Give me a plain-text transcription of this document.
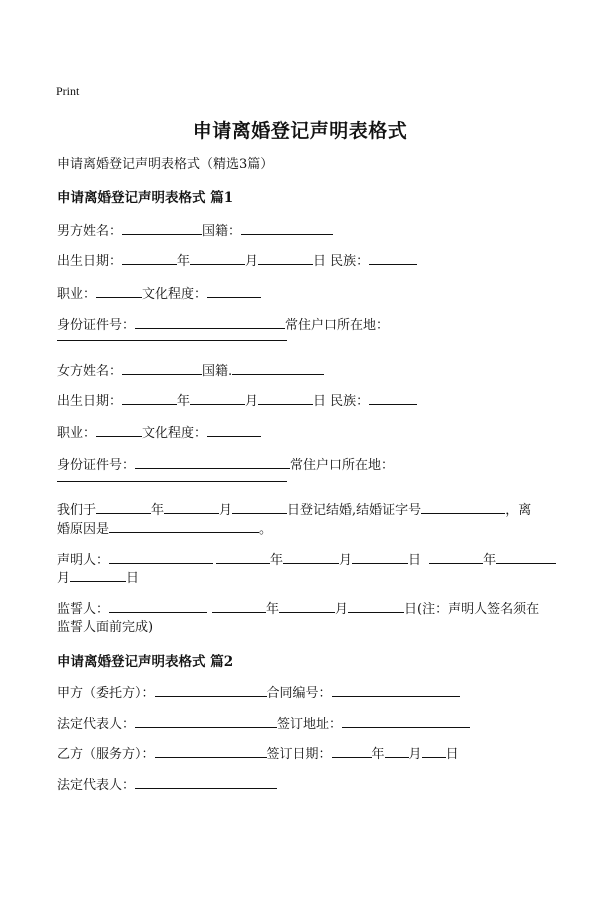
Print
申请离婚登记声明表格式
申请离婚登记声明表格式（精选3篇）
申请离婚登记声明表格式 篇1
男方姓名：	国籍：
出生日期：	年	月	日 民族：
职业：	文化程度：
身份证件号：	常住户口所在地：
女方姓名：	国籍.
出生日期：	年	月	日 民族：
职业：	文化程度：
身份证件号：	常住户口所在地：
我们于	年	月	日登记结婚,结婚证字号	，离
婚原因是	。
声明人：	年	月	日	年
月	日
监誓人：	年	月	日(注：声明人签名须在
监誓人面前完成)
申请离婚登记声明表格式 篇2
甲方（委托方）：	合同编号：
法定代表人：	签订地址：
乙方（服务方）：	签订日期：	年 月 日
法定代表人：
